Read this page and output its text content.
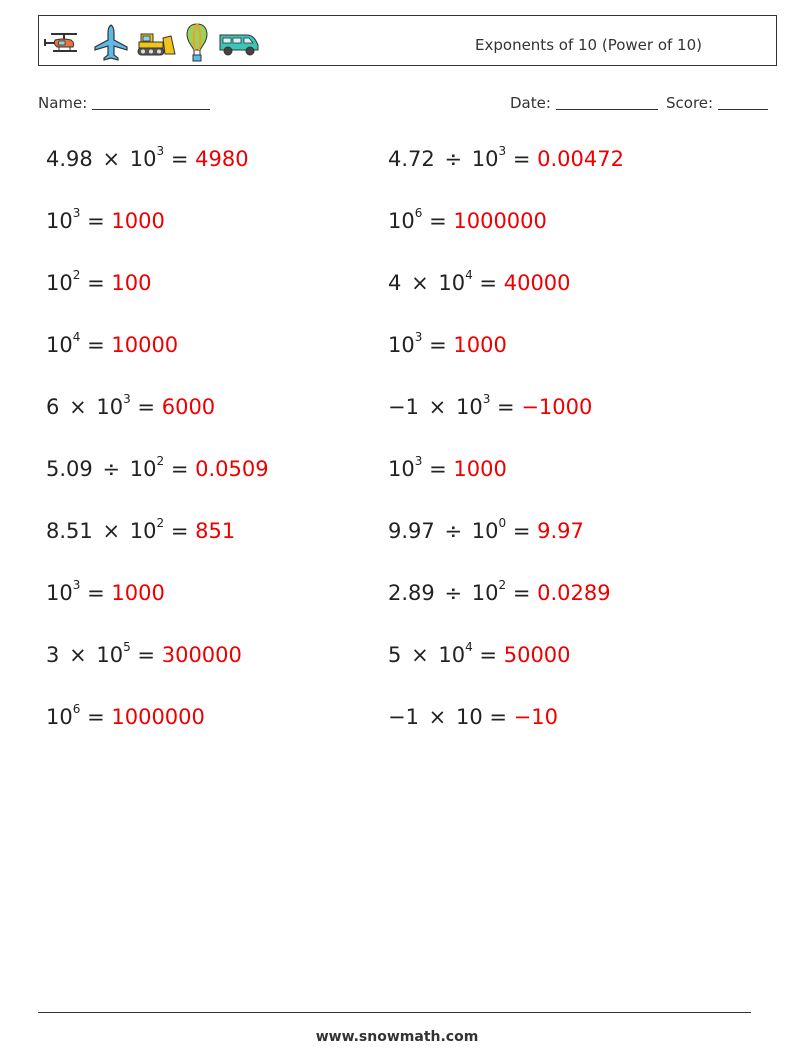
Exponents of 10 (Power of 10)
Name:	Date:	Score:
$4.98 \times 10^3 = 4980$	$4.72 \div 10^3 = 0.00472$
$10^3 = 1000$	$10^6 = 1000000$
$10^2 = 100$	$4 \times 10^4 = 40000$
$10^4 = 10000$	$10^3 = 1000$
$6 \times 10^3 = 6000$	$-1 \times 10^3 = -1000$
$5.09 \div 10^2 = 0.0509$	$10^3 = 1000$
$8.51 \times 10^2 = 851$	$9.97 \div 10^0 = 9.97$
$10^3 = 1000$	$2.89 \div 10^2 = 0.0289$
$3 \times 10^5 = 300000$	$5 \times 10^4 = 50000$
$10^6 = 1000000$	−1 × 10 = −10
www.snowmath.com
